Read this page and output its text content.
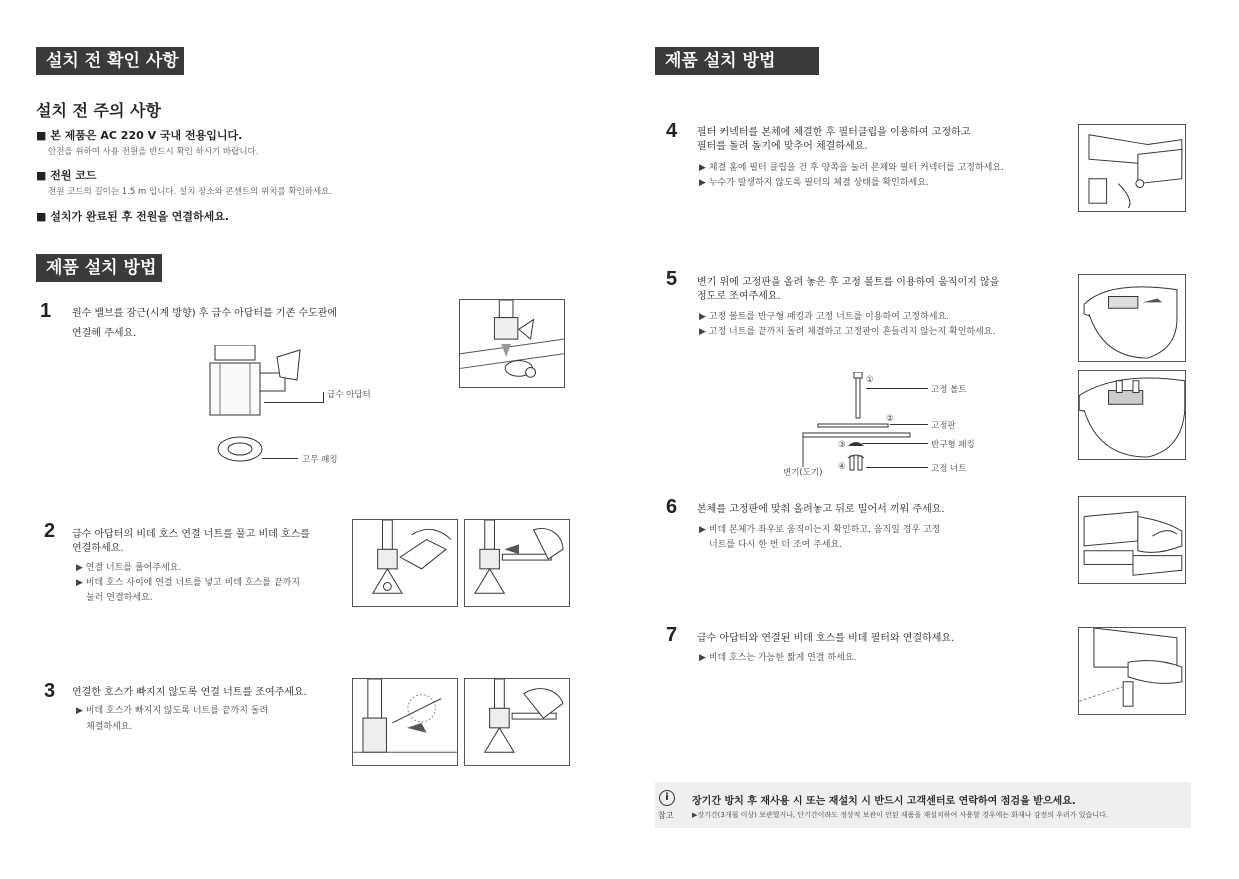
설치 전 확인 사항
설치 전 주의 사항
■ 본 제품은 AC 220 V 국내 전용입니다.
안전을 위하여 사용 전원을 반드시 확인 하시기 바랍니다.
■ 전원 코드
전원 코드의 길이는 1.5 m 입니다. 설치 장소와 콘센트의 위치를 확인하세요.
■ 설치가 완료된 후 전원을 연결하세요.
제품 설치 방법
1 원수 밸브를 잠근(시계 방향) 후 급수 아답터를 기존 수도관에
연결해 주세요.
급수 아답터
고무 패킹
2 급수 아답터의 비데 호스 연결 너트를 풀고 비데 호스를
연결하세요.
▶ 연결 너트를 풀어주세요.
▶ 비데 호스 사이에 연결 너트를 넣고 비데 호스를 끝까지
눌러 연결하세요.
3 연결한 호스가 빠지지 않도록 연결 너트를 조여주세요.
▶ 비데 호스가 빠지지 않도록 너트를 끝까지 돌려
체결하세요.
제품 설치 방법
4 필터 커넥터를 본체에 체결한 후 필터클립을 이용하여 고정하고
필터를 돌려 돌기에 맞추어 체결하세요.
▶ 체결 홈에 필터 클립을 건 후 양쪽을 눌러 본체와 필터 커넥터를 고정하세요.
▶ 누수가 발생하지 않도록 필터의 체결 상태를 확인하세요.
5 변기 위에 고정판을 올려 놓은 후 고정 볼트를 이용하여 움직이지 않을
정도로 조여주세요.
▶ 고정 볼트를 반구형 패킹과 고정 너트를 이용하여 고정하세요.
▶ 고정 너트를 끝까지 돌려 체결하고 고정판이 흔들리지 않는지 확인하세요.
①
②
③
④
고정 볼트
고정판
반구형 패킹
고정 너트
변기(도기)
6 본체를 고정판에 맞춰 올려놓고 뒤로 밀어서 끼워 주세요.
▶ 비데 본체가 좌우로 움직이는지 확인하고, 움직일 경우 고정
너트를 다시 한 번 더 조여 주세요.
7 급수 아답터와 연결된 비데 호스를 비데 필터와 연결하세요.
▶ 비데 호스는 가능한 짧게 연결 하세요.
i
참고
장기간 방치 후 재사용 시 또는 재설치 시 반드시 고객센터로 연락하여 점검을 받으세요.
▶장기간(3개월 이상) 보관했거나, 단기간이라도 정상적 보관이 안된 제품을 재설치하여 사용할 경우에는 화재나 감전의 우려가 있습니다.
